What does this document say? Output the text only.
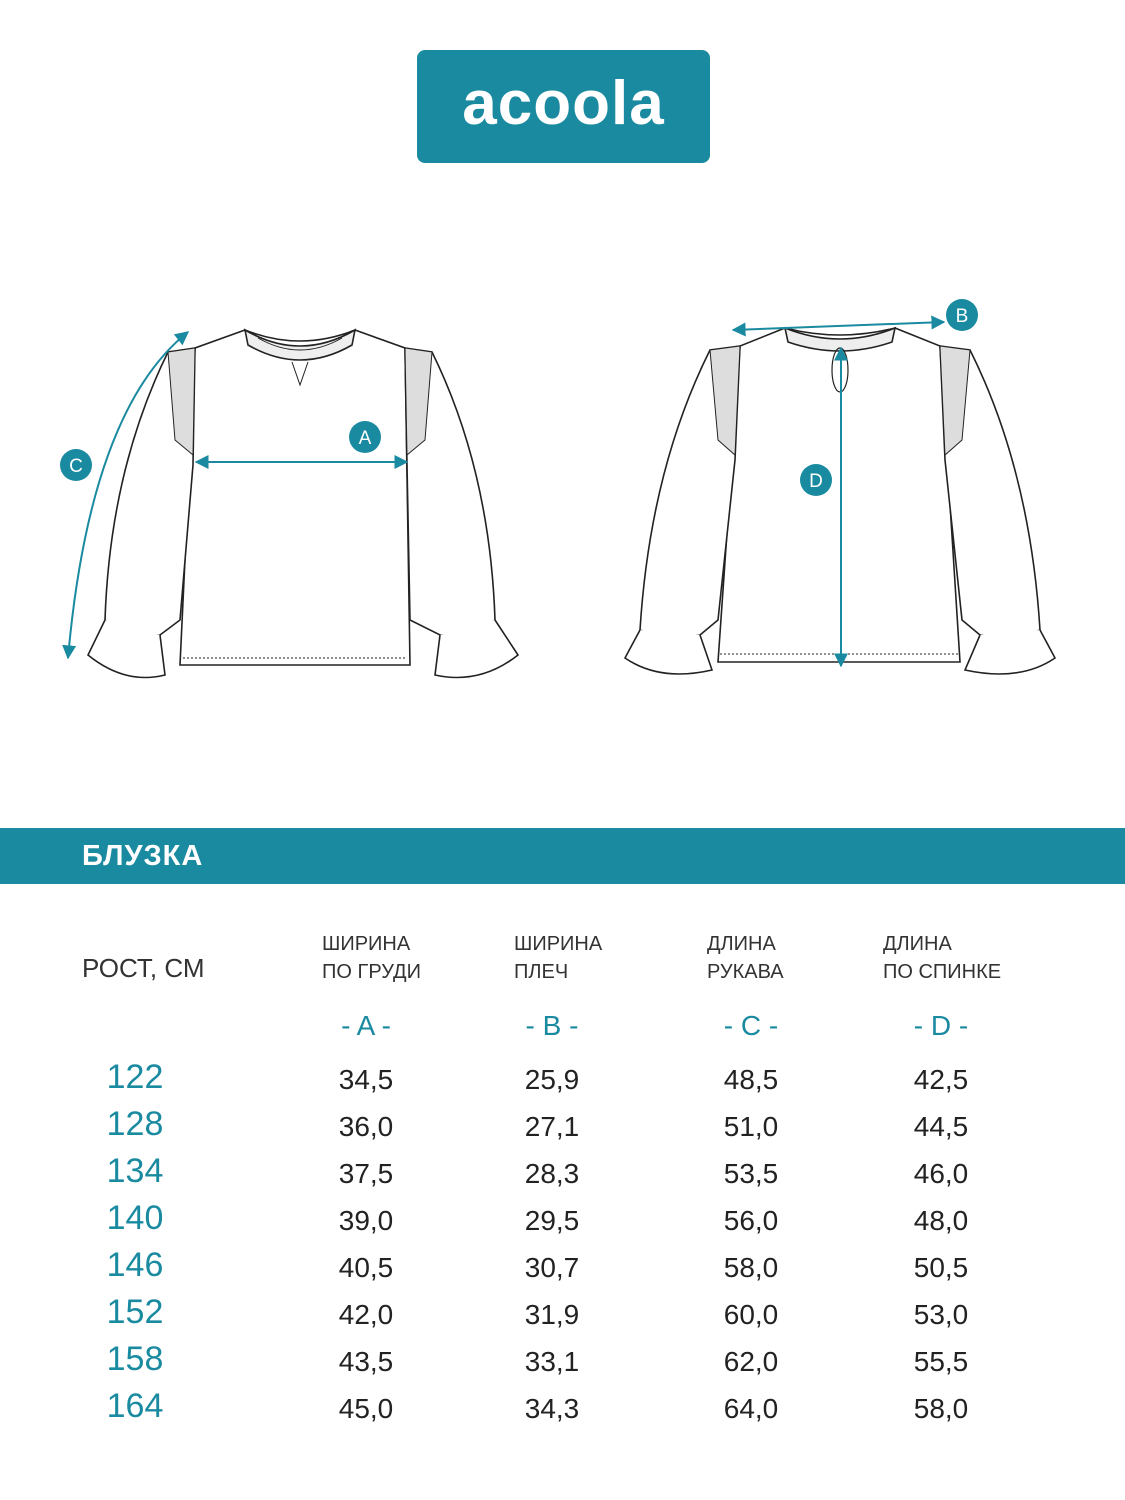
acoola
A
C
B
D
БЛУЗКА
РОСТ, СМ
ШИРИНА
ПО ГРУДИ
ШИРИНА
ПЛЕЧ
ДЛИНА
РУКАВА
ДЛИНА
ПО СПИНКЕ
- A -	- B -	- C -	- D -
122	34,5	25,9	48,5	42,5
128	36,0	27,1	51,0	44,5
134	37,5	28,3	53,5	46,0
140	39,0	29,5	56,0	48,0
146	40,5	30,7	58,0	50,5
152	42,0	31,9	60,0	53,0
158	43,5	33,1	62,0	55,5
164	45,0	34,3	64,0	58,0
